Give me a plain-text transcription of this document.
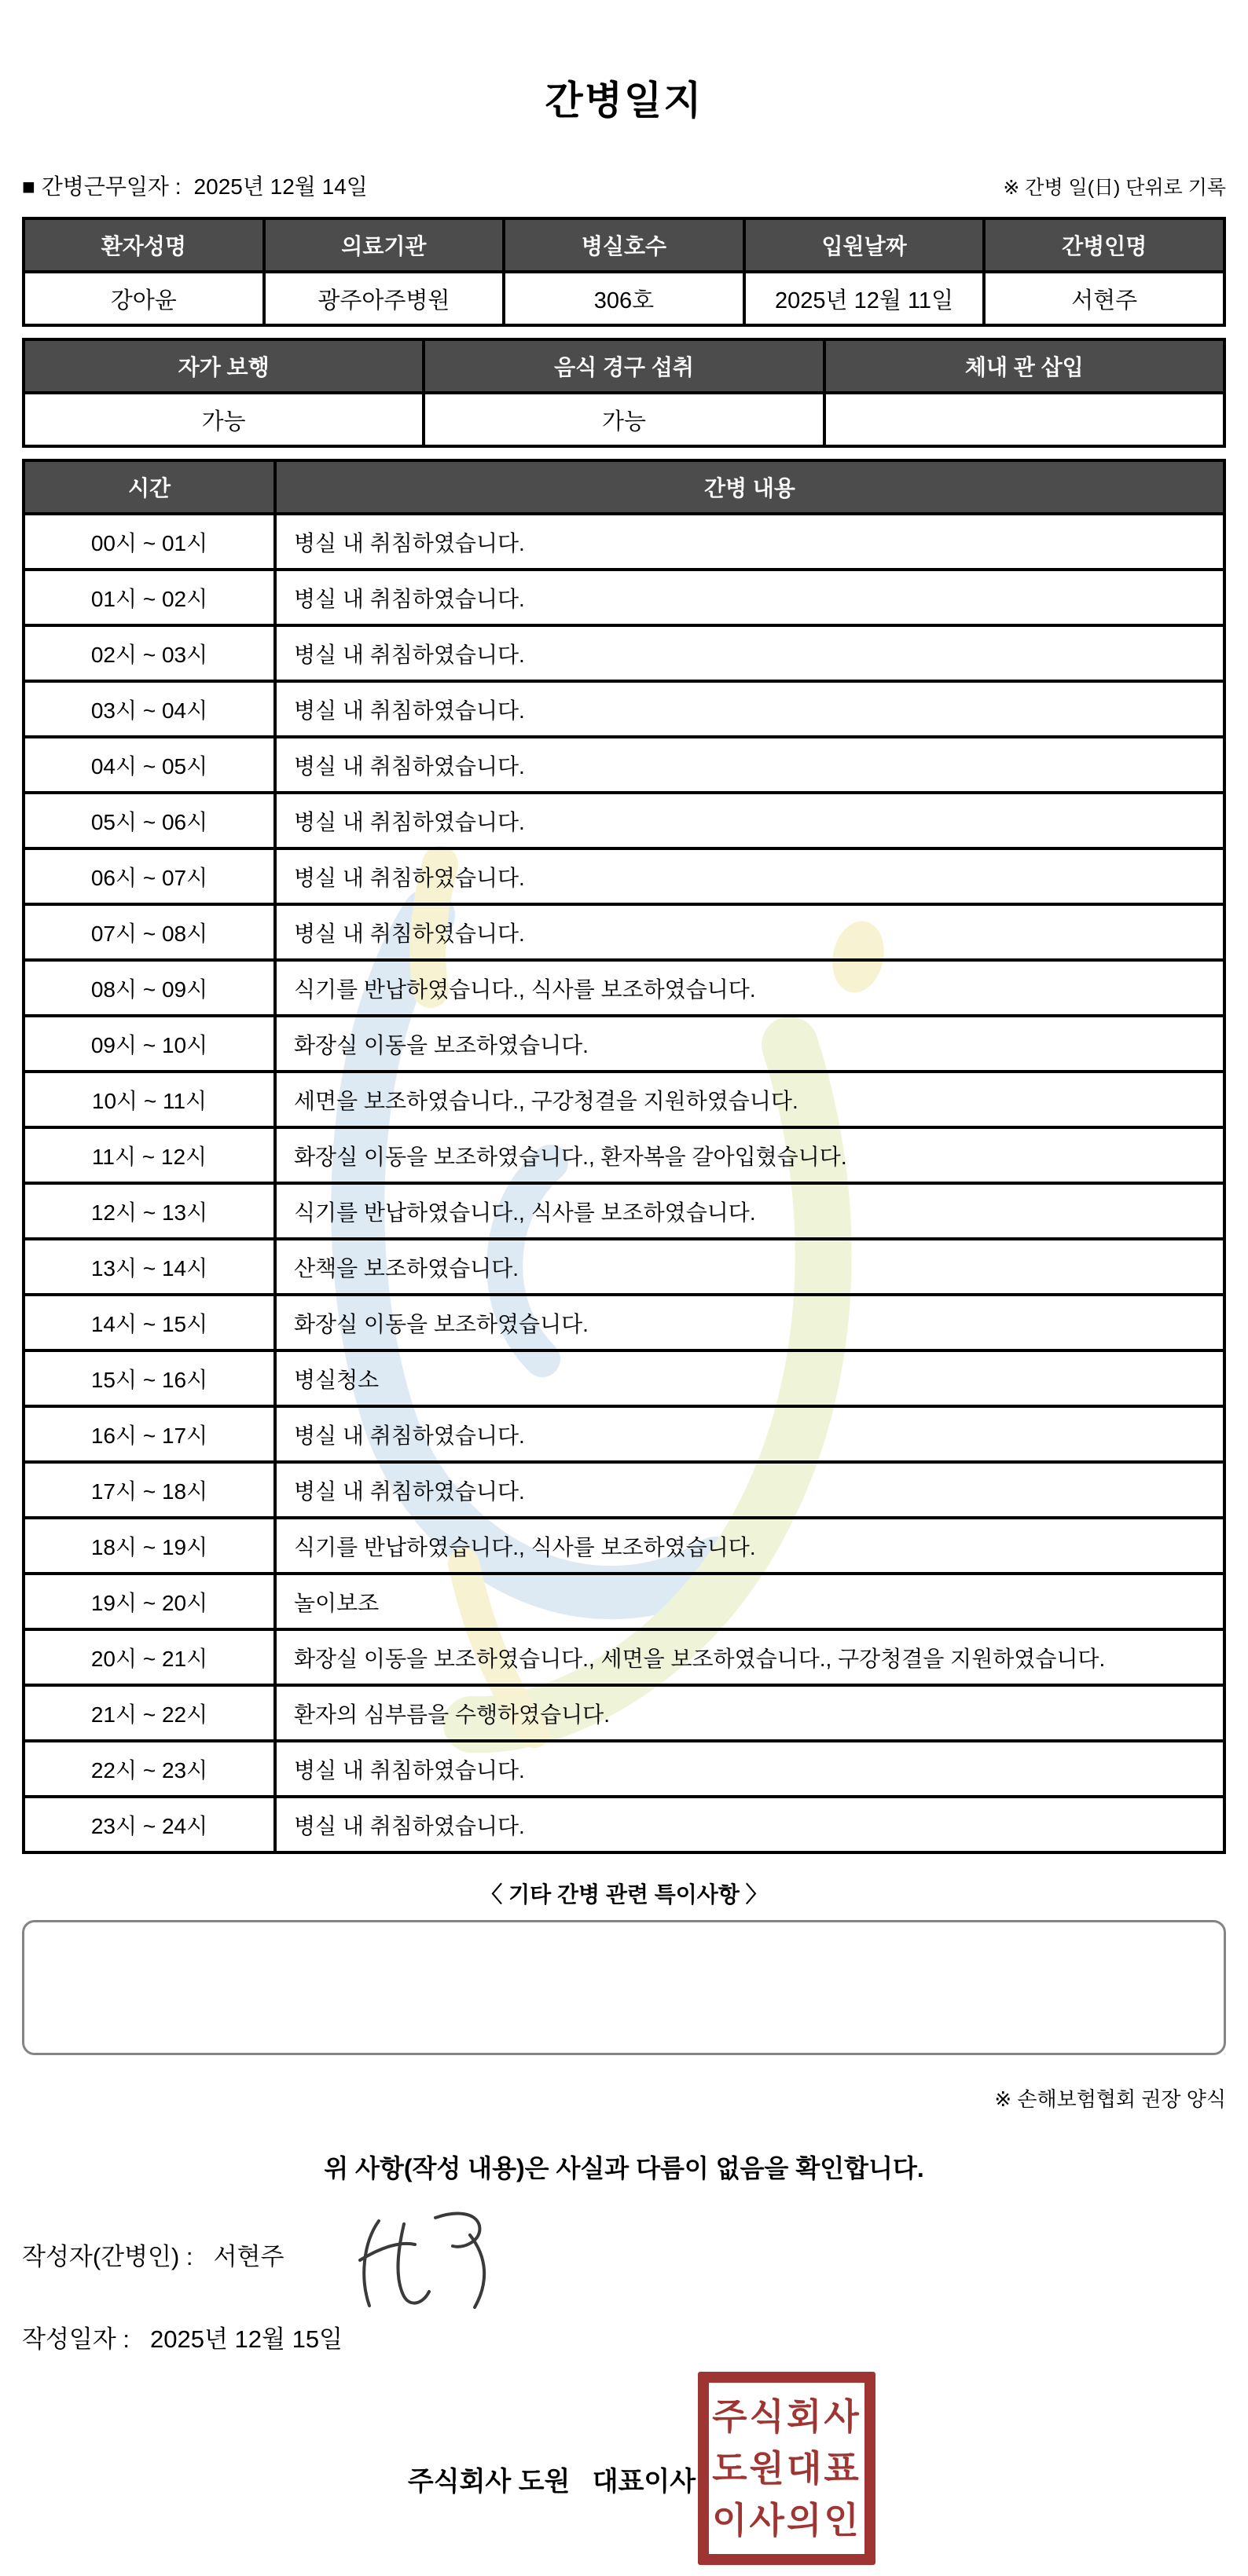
간병일지
■ 간병근무일자 : 2025년 12월 14일	※ 간병 일(日) 단위로 기록
환자성명	의료기관	병실호수	입원날짜	간병인명
강아윤	광주아주병원	306호	2025년 12월 11일	서현주
자가 보행	음식 경구 섭취	체내 관 삽입
가능	가능	
시간	간병 내용
00시 ~ 01시	병실 내 취침하였습니다.
01시 ~ 02시	병실 내 취침하였습니다.
02시 ~ 03시	병실 내 취침하였습니다.
03시 ~ 04시	병실 내 취침하였습니다.
04시 ~ 05시	병실 내 취침하였습니다.
05시 ~ 06시	병실 내 취침하였습니다.
06시 ~ 07시	병실 내 취침하였습니다.
07시 ~ 08시	병실 내 취침하였습니다.
08시 ~ 09시	식기를 반납하였습니다., 식사를 보조하였습니다.
09시 ~ 10시	화장실 이동을 보조하였습니다.
10시 ~ 11시	세면을 보조하였습니다., 구강청결을 지원하였습니다.
11시 ~ 12시	화장실 이동을 보조하였습니다., 환자복을 갈아입혔습니다.
12시 ~ 13시	식기를 반납하였습니다., 식사를 보조하였습니다.
13시 ~ 14시	산책을 보조하였습니다.
14시 ~ 15시	화장실 이동을 보조하였습니다.
15시 ~ 16시	병실청소
16시 ~ 17시	병실 내 취침하였습니다.
17시 ~ 18시	병실 내 취침하였습니다.
18시 ~ 19시	식기를 반납하였습니다., 식사를 보조하였습니다.
19시 ~ 20시	놀이보조
20시 ~ 21시	화장실 이동을 보조하였습니다., 세면을 보조하였습니다., 구강청결을 지원하였습니다.
21시 ~ 22시	환자의 심부름을 수행하였습니다.
22시 ~ 23시	병실 내 취침하였습니다.
23시 ~ 24시	병실 내 취침하였습니다.
〈 기타 간병 관련 특이사항 〉
※ 손해보험협회 권장 양식
위 사항(작성 내용)은 사실과 다름이 없음을 확인합니다.
작성자(간병인) : 서현주
작성일자 : 2025년 12월 15일
주식회사 도원   대표이사
주식회사
도원대표
이사의인
